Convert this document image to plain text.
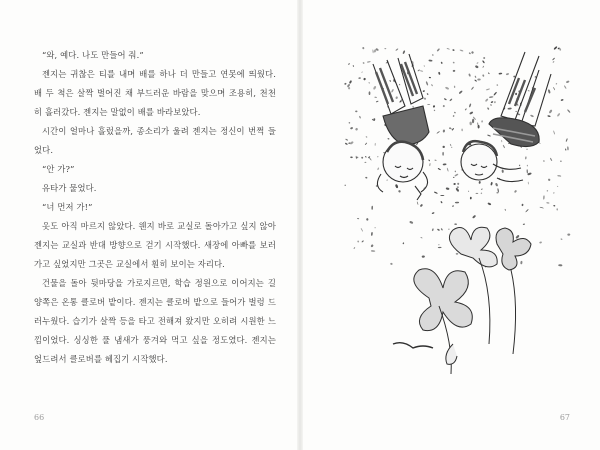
“와, 예다. 나도 만들어 줘.”

젠지는 귀찮은 티를 내며 배를 하나 더 만들고 연못에 띄웠다. 배 두 척은 살짝 벌어진 채 부드러운 바람을 맞으며 조용히, 천천히 흘러갔다. 젠지는 말없이 배를 바라보았다.

시간이 얼마나 흘렀을까, 종소리가 울려 젠지는 정신이 번쩍 들었다.

“안 가?”

유타가 물었다.

“너 먼저 가!”

옷도 아직 마르지 않았다. 웬지 바로 교실로 돌아가고 싶지 않아 젠지는 교실과 반대 방향으로 걷기 시작했다. 새장에 아빠를 보러 가고 싶었지만 그곳은 교실에서 훤히 보이는 자리다.

건물을 돌아 뒷마당을 가로지르면, 학습 정원으로 이어지는 길 양쪽은 온통 클로버 밭이다. 젠지는 클로버 밭으로 들어가 벌렁 드러누웠다. 습기가 살짝 등을 타고 전해져 왔지만 오히려 시원한 느낌이었다. 싱싱한 풀 냄새가 풍겨와 먹고 싶을 정도였다. 젠지는 엎드려서 클로버를 헤집기 시작했다.

66	67
